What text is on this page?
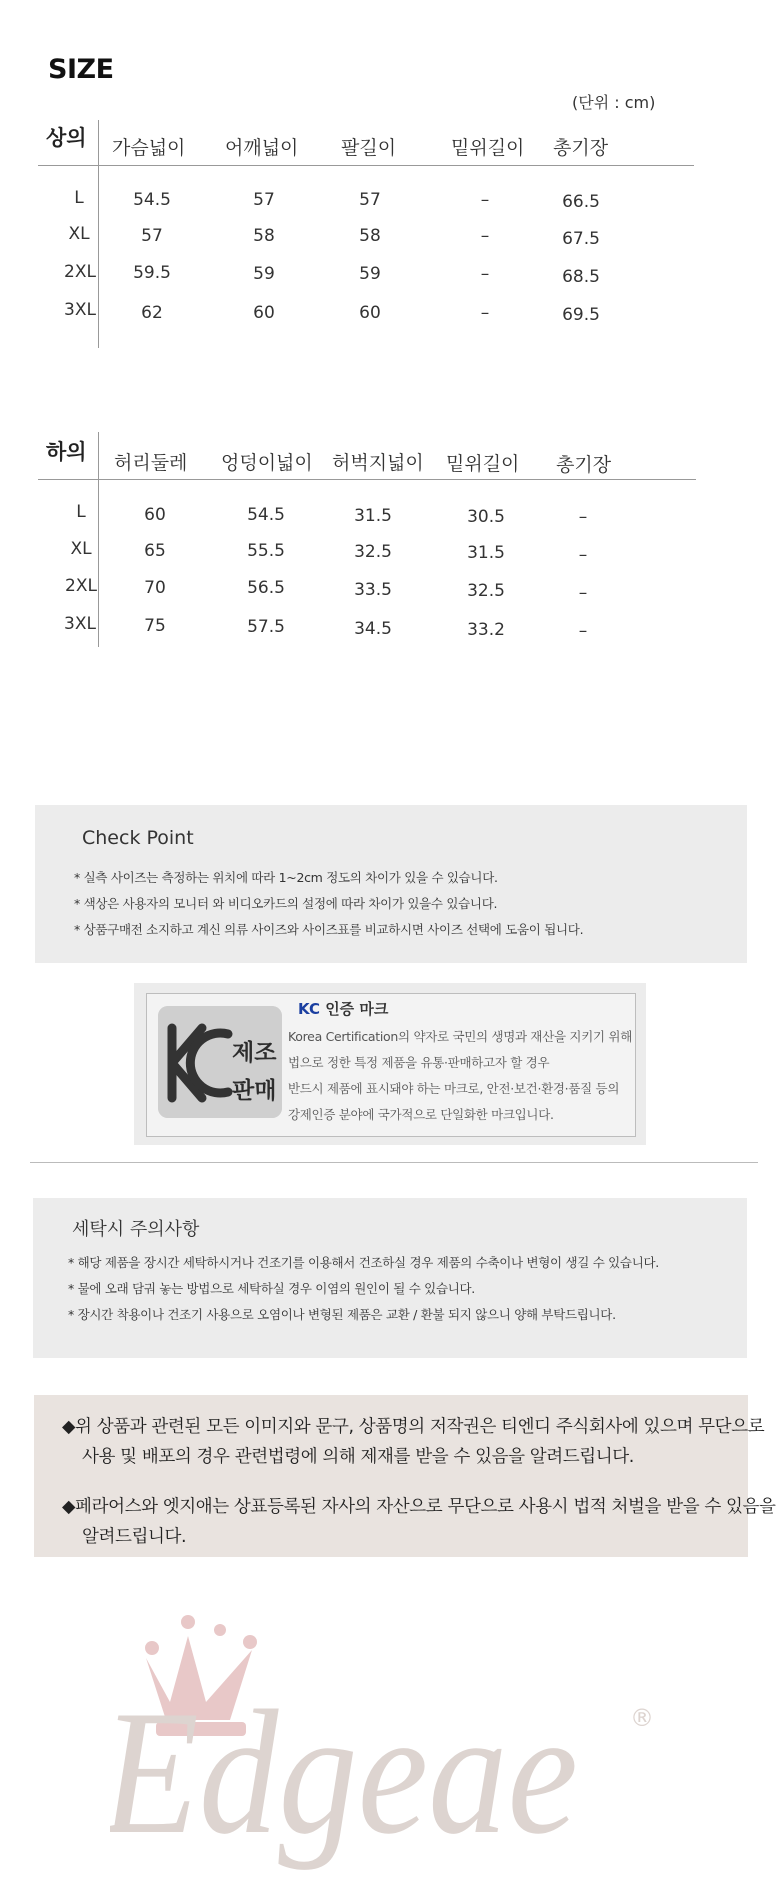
SIZE
(단위 : cm)
상의 가슴넓이 어깨넓이 팔길이	밑위길이 총기장
L	54.5	57	57	–	66.5
XL	57	58	58	–	67.5
2XL	59.5	59	59	–	68.5
3XL	62	60	60	–	69.5
하의 허리둘레 엉덩이넓이 허벅지넓이 밑위길이 총기장
L	60	54.5	31.5	30.5	–
XL	65	55.5	32.5	31.5	–
2XL	70	56.5	33.5	32.5	–
3XL	75	57.5	34.5	33.2	–
Check Point
* 실측 사이즈는 측정하는 위치에 따라 1~2cm 정도의 차이가 있을 수 있습니다.
* 색상은 사용자의 모니터 와 비디오카드의 설정에 따라 차이가 있을수 있습니다.
* 상품구매전 소지하고 계신 의류 사이즈와 사이즈표를 비교하시면 사이즈 선택에 도움이 됩니다.
제조
판매
KC 인증 마크
Korea Certification의 약자로 국민의 생명과 재산을 지키기 위해
법으로 정한 특정 제품을 유통·판매하고자 할 경우
반드시 제품에 표시돼야 하는 마크로, 안전·보건·환경·품질 등의
강제인증 분야에 국가적으로 단일화한 마크입니다.
세탁시 주의사항
* 해당 제품을 장시간 세탁하시거나 건조기를 이용해서 건조하실 경우 제품의 수축이나 변형이 생길 수 있습니다.
* 물에 오래 담궈 놓는 방법으로 세탁하실 경우 이염의 원인이 될 수 있습니다.
* 장시간 착용이나 건조기 사용으로 오염이나 변형된 제품은 교환 / 환불 되지 않으니 양해 부탁드립니다.
◆위 상품과 관련된 모든 이미지와 문구, 상품명의 저작권은 티엔디 주식회사에 있으며 무단으로
사용 및 배포의 경우 관련법령에 의해 제재를 받을 수 있음을 알려드립니다.
◆페라어스와 엣지애는 상표등록된 자사의 자산으로 무단으로 사용시 법적 처벌을 받을 수 있음을
알려드립니다.
Edgeae ®
